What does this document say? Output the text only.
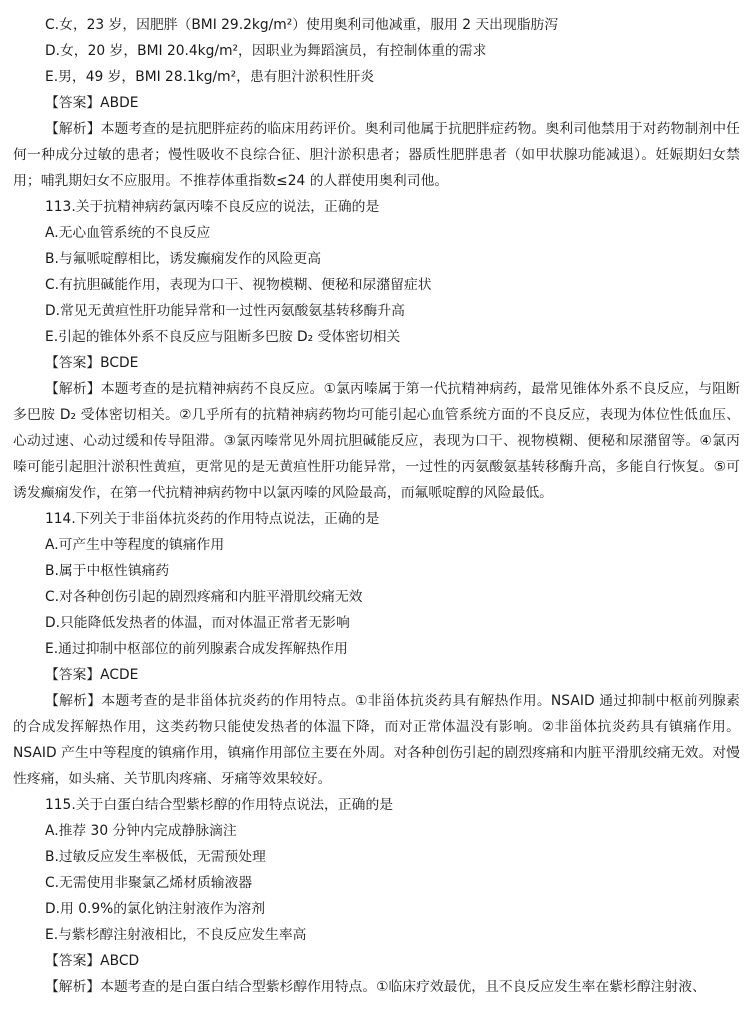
C.女，23 岁，因肥胖（BMI 29.2kg/m²）使用奥利司他减重，服用 2 天出现脂肪泻

D.女，20 岁，BMI 20.4kg/m²，因职业为舞蹈演员，有控制体重的需求

E.男，49 岁，BMI 28.1kg/m²，患有胆汁淤积性肝炎

【答案】ABDE

【解析】本题考查的是抗肥胖症药的临床用药评价。奥利司他属于抗肥胖症药物。奥利司他禁用于对药物制剂中任何一种成分过敏的患者；慢性吸收不良综合征、胆汁淤积患者；器质性肥胖患者（如甲状腺功能减退）。妊娠期妇女禁用；哺乳期妇女不应服用。不推荐体重指数≤24 的人群使用奥利司他。

113.关于抗精神病药氯丙嗪不良反应的说法，正确的是

A.无心血管系统的不良反应

B.与氟哌啶醇相比，诱发癫痫发作的风险更高

C.有抗胆碱能作用，表现为口干、视物模糊、便秘和尿潴留症状

D.常见无黄疸性肝功能异常和一过性丙氨酸氨基转移酶升高

E.引起的锥体外系不良反应与阻断多巴胺 D₂ 受体密切相关

【答案】BCDE

【解析】本题考查的是抗精神病药不良反应。①氯丙嗪属于第一代抗精神病药，最常见锥体外系不良反应，与阻断多巴胺 D₂ 受体密切相关。②几乎所有的抗精神病药物均可能引起心血管系统方面的不良反应，表现为体位性低血压、心动过速、心动过缓和传导阻滞。③氯丙嗪常见外周抗胆碱能反应，表现为口干、视物模糊、便秘和尿潴留等。④氯丙嗪可能引起胆汁淤积性黄疸，更常见的是无黄疸性肝功能异常，一过性的丙氨酸氨基转移酶升高，多能自行恢复。⑤可诱发癫痫发作，在第一代抗精神病药物中以氯丙嗪的风险最高，而氟哌啶醇的风险最低。

114.下列关于非甾体抗炎药的作用特点说法，正确的是

A.可产生中等程度的镇痛作用

B.属于中枢性镇痛药

C.对各种创伤引起的剧烈疼痛和内脏平滑肌绞痛无效

D.只能降低发热者的体温，而对体温正常者无影响

E.通过抑制中枢部位的前列腺素合成发挥解热作用

【答案】ACDE

【解析】本题考查的是非甾体抗炎药的作用特点。①非甾体抗炎药具有解热作用。NSAID 通过抑制中枢前列腺素的合成发挥解热作用，这类药物只能使发热者的体温下降，而对正常体温没有影响。②非甾体抗炎药具有镇痛作用。NSAID 产生中等程度的镇痛作用，镇痛作用部位主要在外周。对各种创伤引起的剧烈疼痛和内脏平滑肌绞痛无效。对慢性疼痛，如头痛、关节肌肉疼痛、牙痛等效果较好。

115.关于白蛋白结合型紫杉醇的作用特点说法，正确的是

A.推荐 30 分钟内完成静脉滴注

B.过敏反应发生率极低，无需预处理

C.无需使用非聚氯乙烯材质输液器

D.用 0.9%的氯化钠注射液作为溶剂

E.与紫杉醇注射液相比，不良反应发生率高

【答案】ABCD

【解析】本题考查的是白蛋白结合型紫杉醇作用特点。①临床疗效最优，且不良反应发生率在紫杉醇注射液、
